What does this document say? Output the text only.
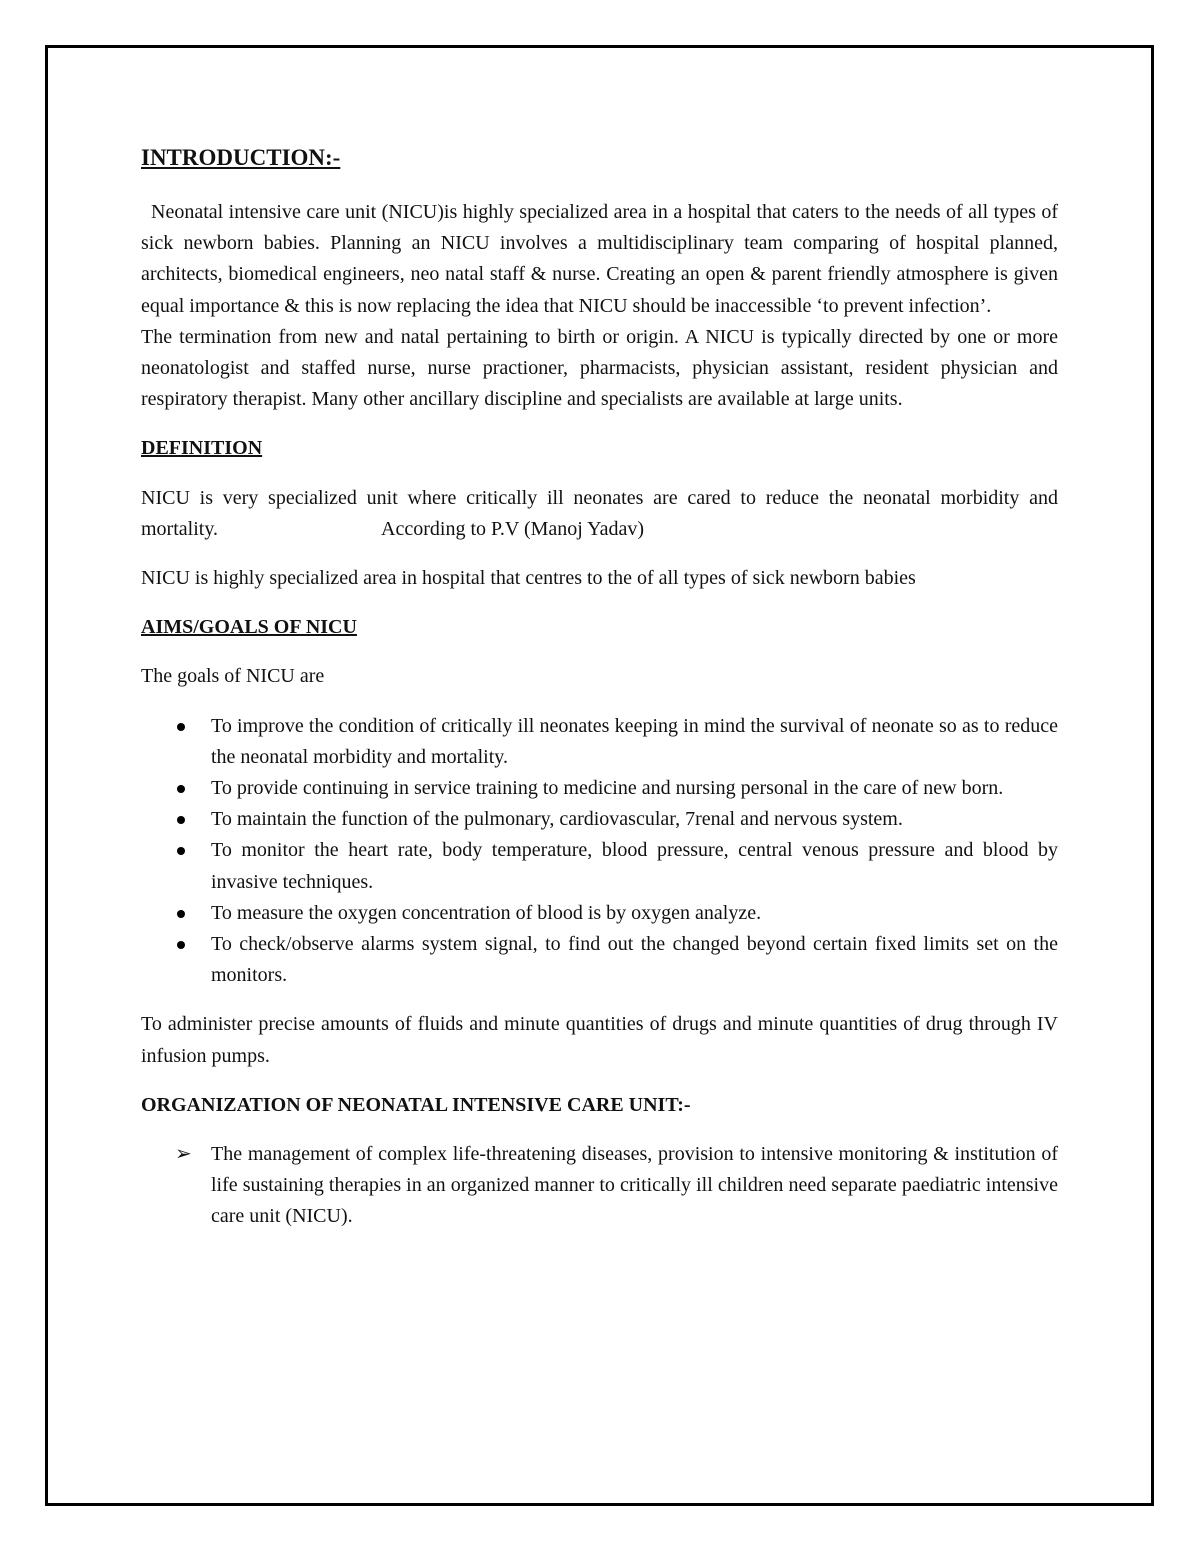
INTRODUCTION:-

Neonatal intensive care unit (NICU)is highly specialized area in a hospital that caters to the needs of all types of sick newborn babies. Planning an NICU involves a multidisciplinary team comparing of hospital planned, architects, biomedical engineers, neo natal staff & nurse. Creating an open & parent friendly atmosphere is given equal importance & this is now replacing the idea that NICU should be inaccessible ‘to prevent infection’.

The termination from new and natal pertaining to birth or origin. A NICU is typically directed by one or more neonatologist and staffed nurse, nurse practioner, pharmacists, physician assistant, resident physician and respiratory therapist. Many other ancillary discipline and specialists are available at large units.

DEFINITION

NICU is very specialized unit where critically ill neonates are cared to reduce the neonatal morbidity and mortality.	According to P.V (Manoj Yadav)

NICU is highly specialized area in hospital that centres to the of all types of sick newborn babies

AIMS/GOALS OF NICU

The goals of NICU are

To improve the condition of critically ill neonates keeping in mind the survival of neonate so as to reduce the neonatal morbidity and mortality.
To provide continuing in service training to medicine and nursing personal in the care of new born.
To maintain the function of the pulmonary, cardiovascular, 7renal and nervous system.
To monitor the heart rate, body temperature, blood pressure, central venous pressure and blood by invasive techniques.
To measure the oxygen concentration of blood is by oxygen analyze.
To check/observe alarms system signal, to find out the changed beyond certain fixed limits set on the monitors.

To administer precise amounts of fluids and minute quantities of drugs and minute quantities of drug through IV infusion pumps.

ORGANIZATION OF NEONATAL INTENSIVE CARE UNIT:-
➢ The management of complex life-threatening diseases, provision to intensive monitoring & institution of life sustaining therapies in an organized manner to critically ill children need separate paediatric intensive care unit (NICU).
